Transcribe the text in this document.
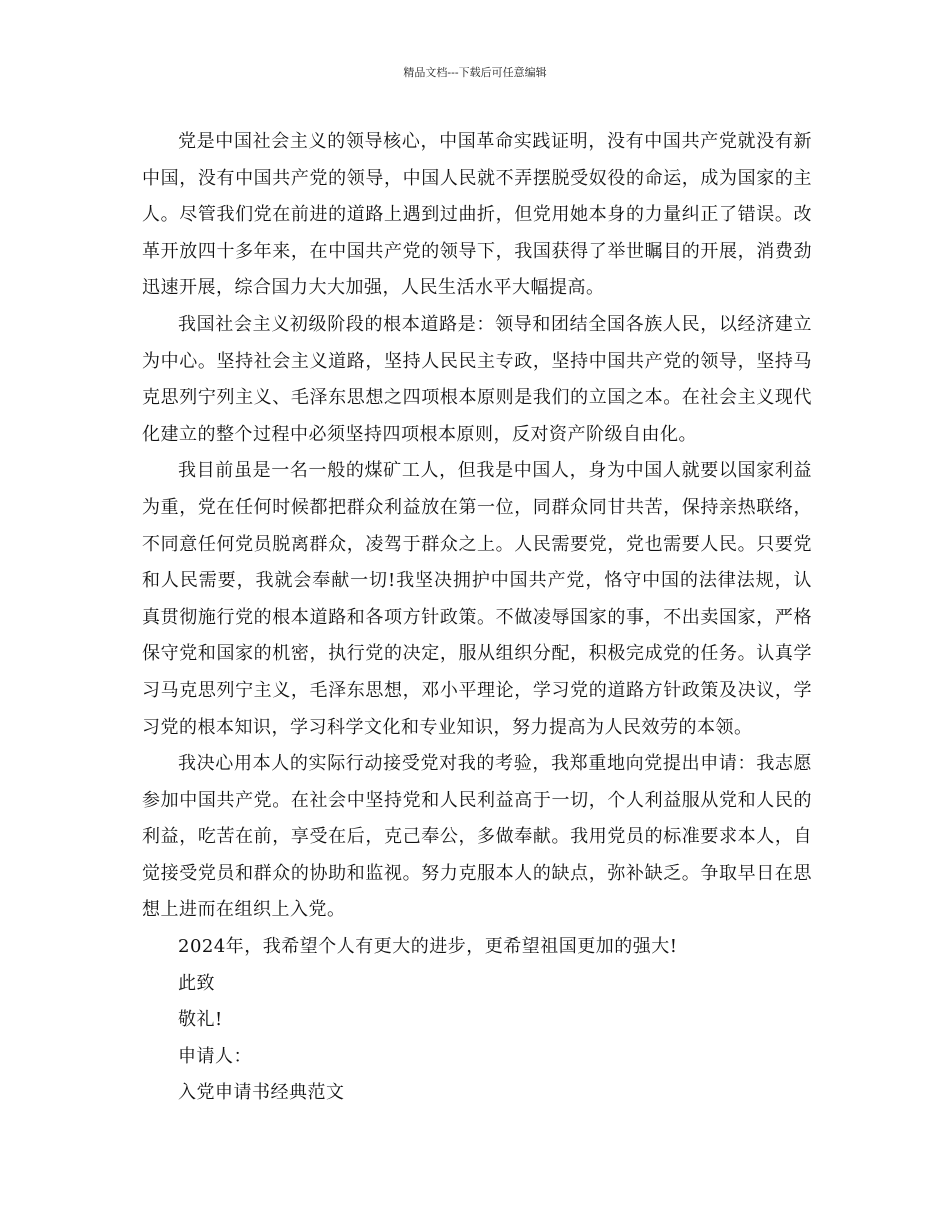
精品文档---下载后可任意编辑

党是中国社会主义的领导核心，中国革命实践证明，没有中国共产党就没有新中国，没有中国共产党的领导，中国人民就不弄摆脱受奴役的命运，成为国家的主人。尽管我们党在前进的道路上遇到过曲折，但党用她本身的力量纠正了错误。改革开放四十多年来，在中国共产党的领导下，我国获得了举世瞩目的开展，消费劲迅速开展，综合国力大大加强，人民生活水平大幅提高。

我国社会主义初级阶段的根本道路是：领导和团结全国各族人民，以经济建立为中心。坚持社会主义道路，坚持人民民主专政，坚持中国共产党的领导，坚持马克思列宁列主义、毛泽东思想之四项根本原则是我们的立国之本。在社会主义现代化建立的整个过程中必须坚持四项根本原则，反对资产阶级自由化。

我目前虽是一名一般的煤矿工人，但我是中国人，身为中国人就要以国家利益为重，党在任何时候都把群众利益放在第一位，同群众同甘共苦，保持亲热联络，不同意任何党员脱离群众，凌驾于群众之上。人民需要党，党也需要人民。只要党和人民需要，我就会奉献一切!我坚决拥护中国共产党，恪守中国的法律法规，认真贯彻施行党的根本道路和各项方针政策。不做凌辱国家的事，不出卖国家，严格保守党和国家的机密，执行党的决定，服从组织分配，积极完成党的任务。认真学习马克思列宁主义，毛泽东思想，邓小平理论，学习党的道路方针政策及决议，学习党的根本知识，学习科学文化和专业知识，努力提高为人民效劳的本领。

我决心用本人的实际行动接受党对我的考验，我郑重地向党提出申请：我志愿参加中国共产党。在社会中坚持党和人民利益高于一切，个人利益服从党和人民的利益，吃苦在前，享受在后，克己奉公，多做奉献。我用党员的标准要求本人，自觉接受党员和群众的协助和监视。努力克服本人的缺点，弥补缺乏。争取早日在思想上进而在组织上入党。

2024年，我希望个人有更大的进步，更希望祖国更加的强大!

此致

敬礼!

申请人：

入党申请书经典范文
